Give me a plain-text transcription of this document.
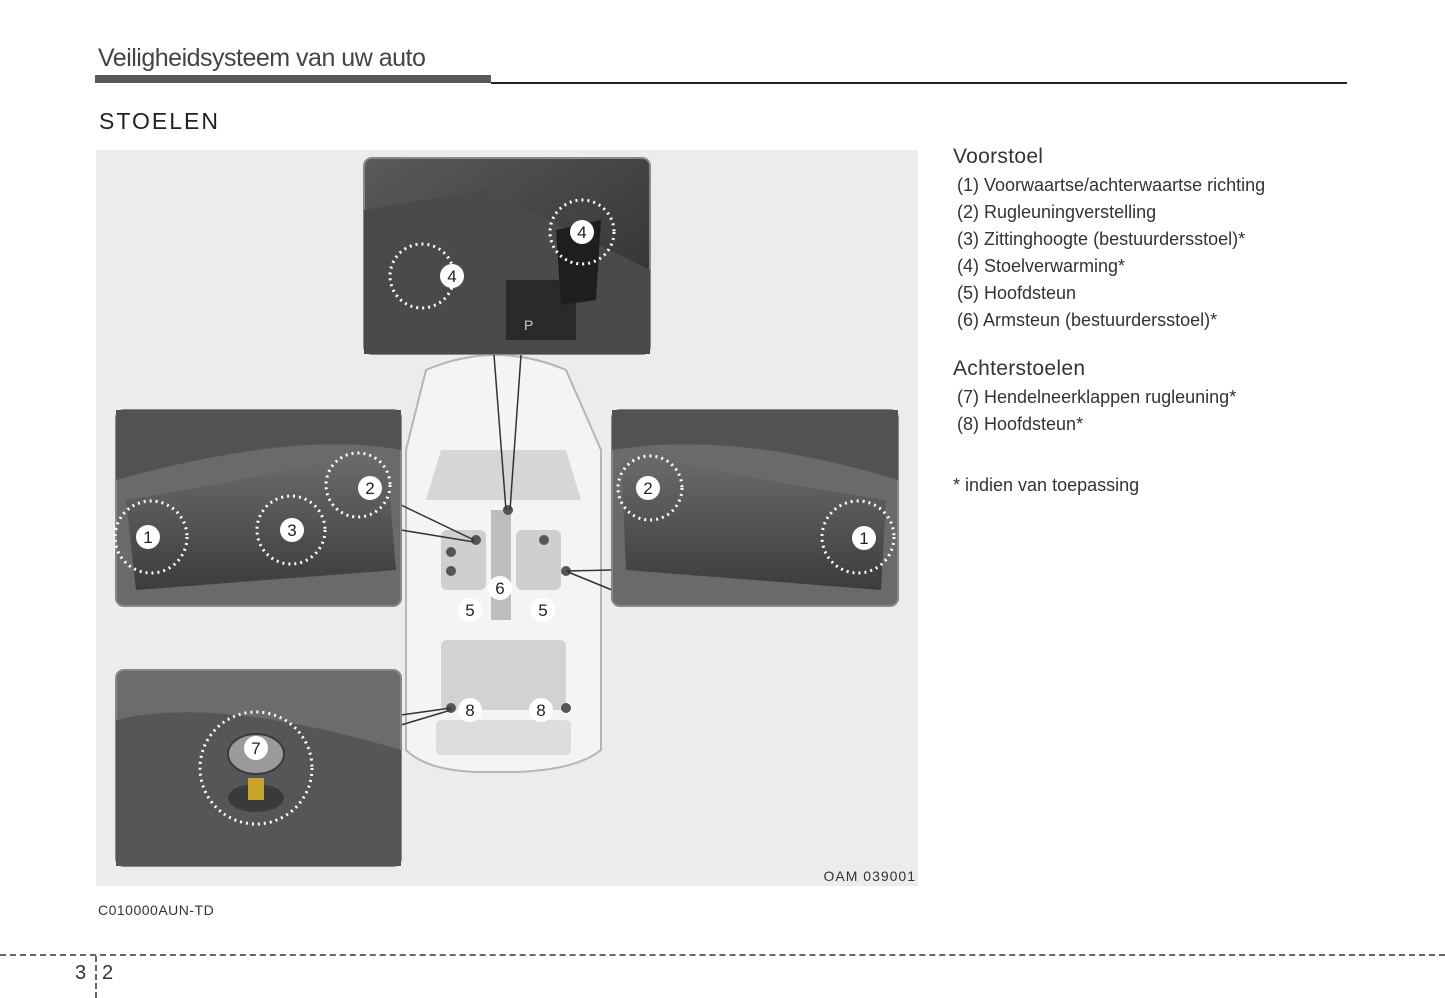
Veiligheidsysteem van uw auto
STOELEN
P
4
4
1	3
2	2
1
7
6
5	5
8	8
OAM 039001
C010000AUN-TD
Voorstoel
(1) Voorwaartse/achterwaartse richting
(2) Rugleuningverstelling
(3) Zittinghoogte (bestuurdersstoel)*
(4) Stoelverwarming*
(5) Hoofdsteun
(6) Armsteun (bestuurdersstoel)*
Achterstoelen
(7) Hendelneerklappen rugleuning*
(8) Hoofdsteun*
* indien van toepassing
3 2
